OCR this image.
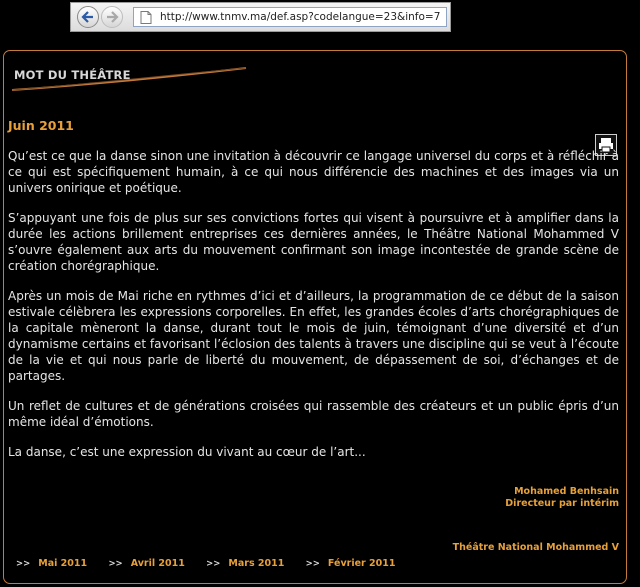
http://www.tnmv.ma/def.asp?codelangue=23&info=7
MOT DU THÉÂTRE
Juin 2011

Qu’est ce que la danse sinon une invitation à découvrir ce langage universel du corps et à réfléchir à ce qui est spécifiquement humain, à ce qui nous différencie des machines et des images via un univers onirique et poétique.

S’appuyant une fois de plus sur ses convictions fortes qui visent à poursuivre et à amplifier dans la durée les actions brillement entreprises ces dernières années, le Théâtre National Mohammed V s’ouvre également aux arts du mouvement confirmant son image incontestée de grande scène de création chorégraphique.

Après un mois de Mai riche en rythmes d’ici et d’ailleurs, la programmation de ce début de la saison estivale célèbrera les expressions corporelles. En effet, les grandes écoles d’arts chorégraphiques de la capitale mèneront la danse, durant tout le mois de juin, témoignant d’une diversité et d’un dynamisme certains et favorisant l’éclosion des talents à travers une discipline qui se veut à l’écoute de la vie et qui nous parle de liberté du mouvement, de dépassement de soi, d’échanges et de partages.

Un reflet de cultures et de générations croisées qui rassemble des créateurs et un public épris d’un même idéal d’émotions.

La danse, c’est une expression du vivant au cœur de l’art...

Mohamed Benhsain
Directeur par intérim
Théâtre National Mohammed V
>> Mai 2011	>> Avril 2011	>> Mars 2011	>> Février 2011
